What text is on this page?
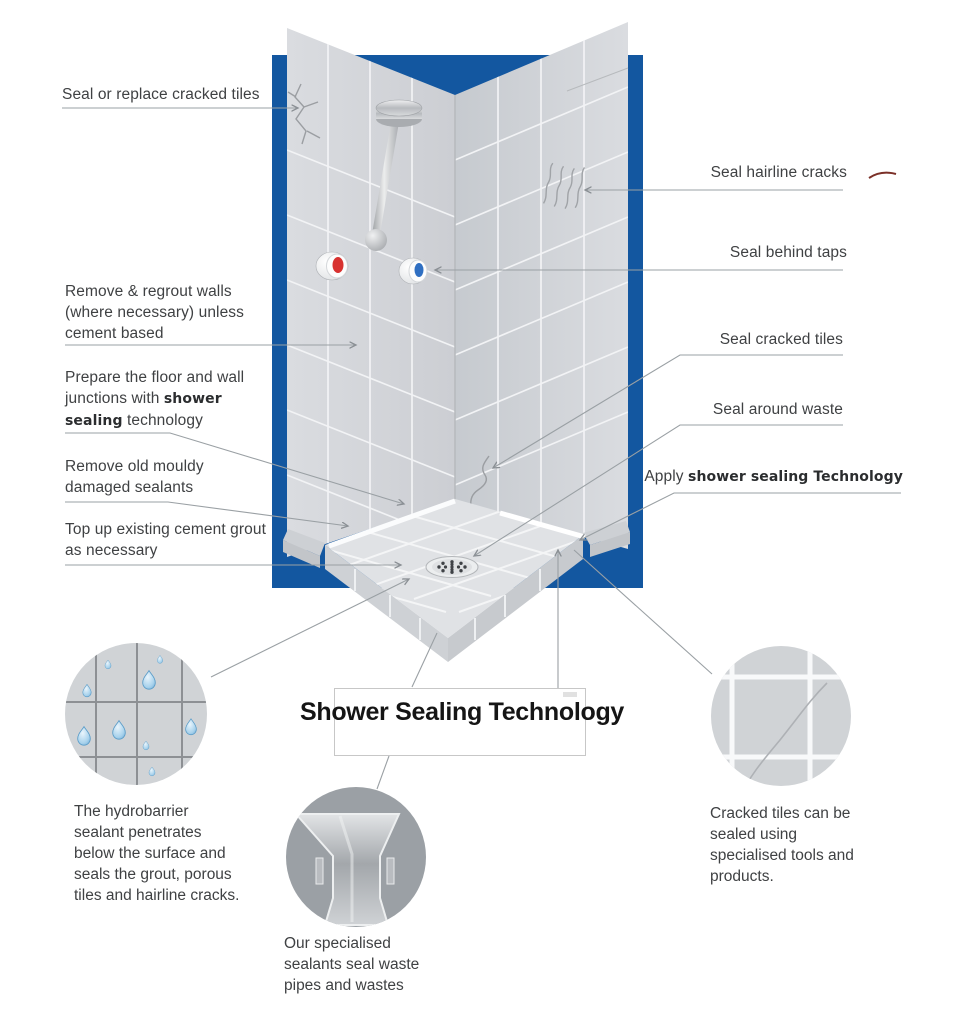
Seal or replace cracked tiles
Remove & regrout walls (where necessary) unless cement based
Prepare the floor and wall junctions with shower sealing technology
Remove old mouldy damaged sealants
Top up existing cement grout as necessary
Seal hairline cracks
Seal behind taps
Seal cracked tiles
Seal around waste
Apply shower sealing Technology
Shower Sealing Technology
The hydrobarrier sealant penetrates below the surface and seals the grout, porous tiles and hairline cracks.
Our specialised sealants seal waste pipes and wastes
Cracked tiles can be sealed using specialised tools and products.
